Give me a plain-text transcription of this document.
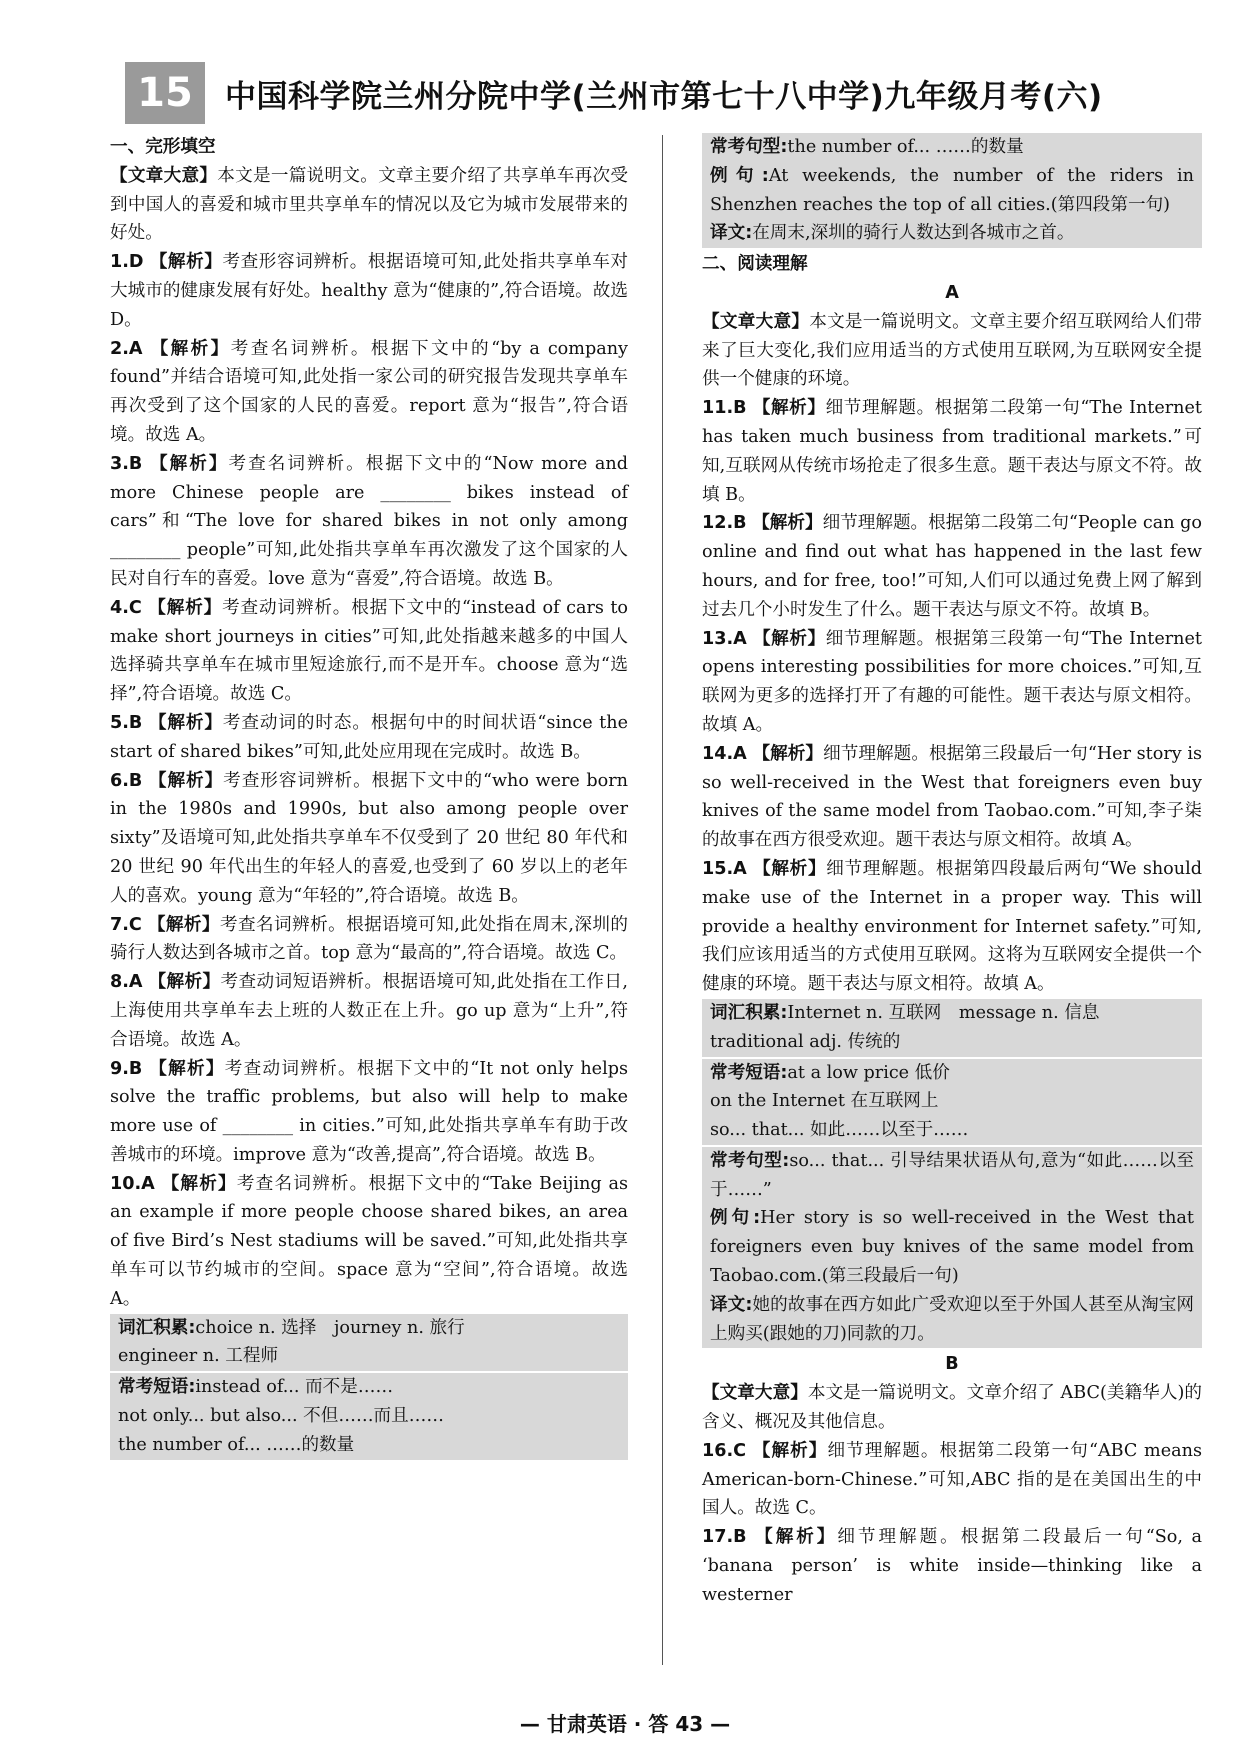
15	中国科学院兰州分院中学(兰州市第七十八中学)九年级月考(六)
一、完形填空
【文章大意】本文是一篇说明文。文章主要介绍了共享单车再次受到中国人的喜爱和城市里共享单车的情况以及它为城市发展带来的好处。
1.D 【解析】考查形容词辨析。根据语境可知,此处指共享单车对大城市的健康发展有好处。healthy 意为“健康的”,符合语境。故选 D。
2.A 【解析】考查名词辨析。根据下文中的“by a company found”并结合语境可知,此处指一家公司的研究报告发现共享单车再次受到了这个国家的人民的喜爱。report 意为“报告”,符合语境。故选 A。
3.B 【解析】考查名词辨析。根据下文中的“Now more and more Chinese people are ________ bikes instead of cars”和“The love for shared bikes in not only among ________ people”可知,此处指共享单车再次激发了这个国家的人民对自行车的喜爱。love 意为“喜爱”,符合语境。故选 B。
4.C 【解析】考查动词辨析。根据下文中的“instead of cars to make short journeys in cities”可知,此处指越来越多的中国人选择骑共享单车在城市里短途旅行,而不是开车。choose 意为“选择”,符合语境。故选 C。
5.B 【解析】考查动词的时态。根据句中的时间状语“since the start of shared bikes”可知,此处应用现在完成时。故选 B。
6.B 【解析】考查形容词辨析。根据下文中的“who were born in the 1980s and 1990s, but also among people over sixty”及语境可知,此处指共享单车不仅受到了 20 世纪 80 年代和 20 世纪 90 年代出生的年轻人的喜爱,也受到了 60 岁以上的老年人的喜欢。young 意为“年轻的”,符合语境。故选 B。
7.C 【解析】考查名词辨析。根据语境可知,此处指在周末,深圳的骑行人数达到各城市之首。top 意为“最高的”,符合语境。故选 C。
8.A 【解析】考查动词短语辨析。根据语境可知,此处指在工作日,上海使用共享单车去上班的人数正在上升。go up 意为“上升”,符合语境。故选 A。
9.B 【解析】考查动词辨析。根据下文中的“It not only helps solve the traffic problems, but also will help to make more use of ________ in cities.”可知,此处指共享单车有助于改善城市的环境。improve 意为“改善,提高”,符合语境。故选 B。
10.A 【解析】考查名词辨析。根据下文中的“Take Beijing as an example if more people choose shared bikes, an area of five Bird’s Nest stadiums will be saved.”可知,此处指共享单车可以节约城市的空间。space 意为“空间”,符合语境。故选 A。
词汇积累:choice n. 选择　journey n. 旅行
engineer n. 工程师
常考短语:instead of... 而不是……
not only... but also... 不但……而且……
the number of... ……的数量
常考句型:the number of... ……的数量
例句:At weekends, the number of the riders in Shenzhen reaches the top of all cities.(第四段第一句)
译文:在周末,深圳的骑行人数达到各城市之首。
二、阅读理解
A
【文章大意】本文是一篇说明文。文章主要介绍互联网给人们带来了巨大变化,我们应用适当的方式使用互联网,为互联网安全提供一个健康的环境。
11.B 【解析】细节理解题。根据第二段第一句“The Internet has taken much business from traditional markets.”可知,互联网从传统市场抢走了很多生意。题干表达与原文不符。故填 B。
12.B 【解析】细节理解题。根据第二段第二句“People can go online and find out what has happened in the last few hours, and for free, too!”可知,人们可以通过免费上网了解到过去几个小时发生了什么。题干表达与原文不符。故填 B。
13.A 【解析】细节理解题。根据第三段第一句“The Internet opens interesting possibilities for more choices.”可知,互联网为更多的选择打开了有趣的可能性。题干表达与原文相符。故填 A。
14.A 【解析】细节理解题。根据第三段最后一句“Her story is so well-received in the West that foreigners even buy knives of the same model from Taobao.com.”可知,李子柒的故事在西方很受欢迎。题干表达与原文相符。故填 A。
15.A 【解析】细节理解题。根据第四段最后两句“We should make use of the Internet in a proper way. This will provide a healthy environment for Internet safety.”可知,我们应该用适当的方式使用互联网。这将为互联网安全提供一个健康的环境。题干表达与原文相符。故填 A。
词汇积累:Internet n. 互联网　message n. 信息
traditional adj. 传统的
常考短语:at a low price 低价
on the Internet 在互联网上
so... that... 如此……以至于……
常考句型:so... that... 引导结果状语从句,意为“如此……以至于……”
例句:Her story is so well-received in the West that foreigners even buy knives of the same model from Taobao.com.(第三段最后一句)
译文:她的故事在西方如此广受欢迎以至于外国人甚至从淘宝网上购买(跟她的刀)同款的刀。
B
【文章大意】本文是一篇说明文。文章介绍了 ABC(美籍华人)的含义、概况及其他信息。
16.C 【解析】细节理解题。根据第二段第一句“ABC means American-born-Chinese.”可知,ABC 指的是在美国出生的中国人。故选 C。
17.B 【解析】细节理解题。根据第二段最后一句“So, a ‘banana person’ is white inside—thinking like a westerner
— 甘肃英语 · 答 43 —
